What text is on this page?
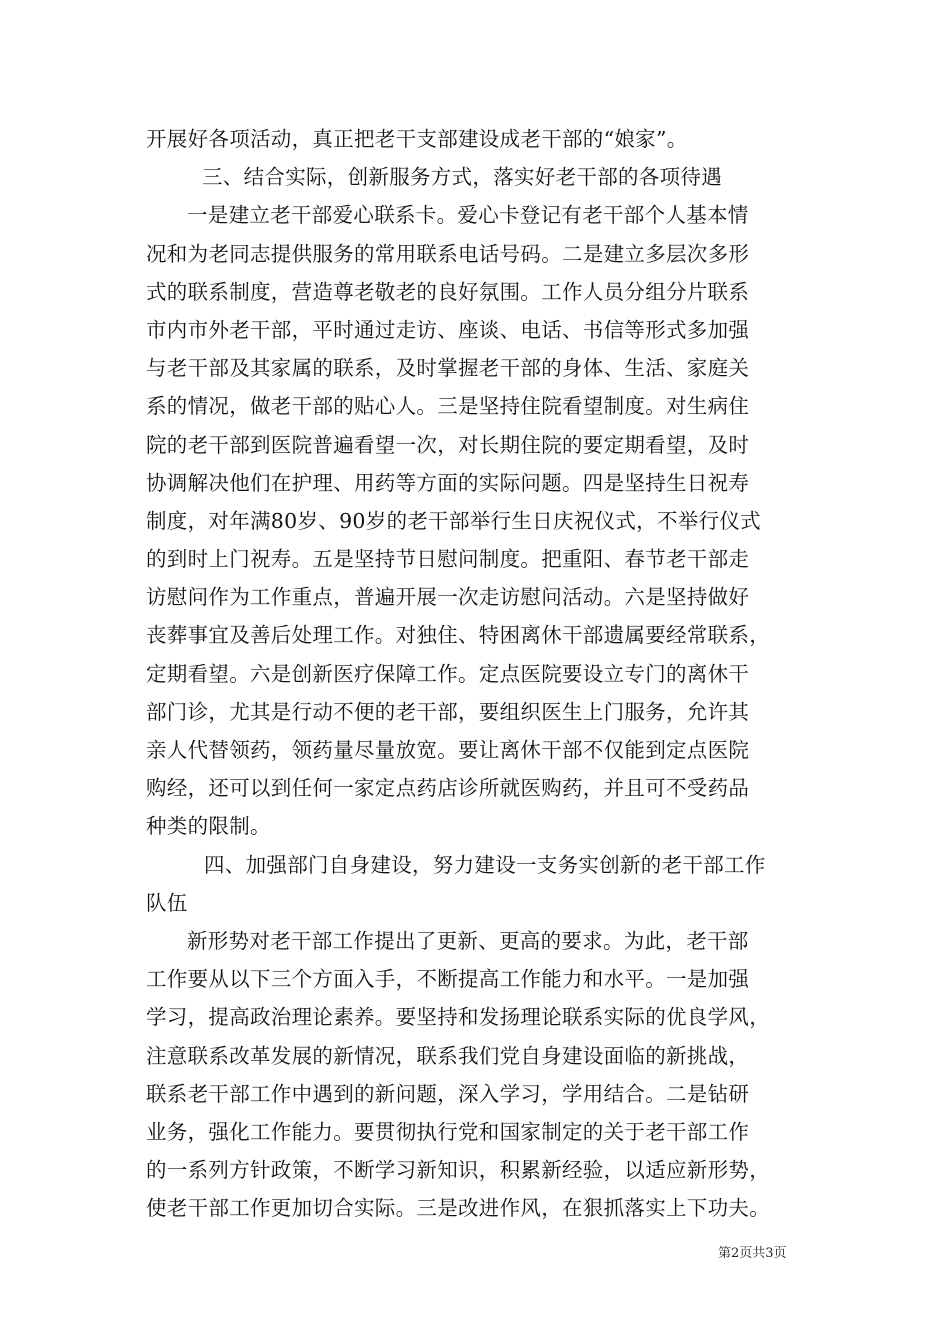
开展好各项活动，真正把老干支部建设成老干部的“娘家”。
三、结合实际，创新服务方式，落实好老干部的各项待遇
一是建立老干部爱心联系卡。爱心卡登记有老干部个人基本情
况和为老同志提供服务的常用联系电话号码。二是建立多层次多形
式的联系制度，营造尊老敬老的良好氛围。工作人员分组分片联系
市内市外老干部，平时通过走访、座谈、电话、书信等形式多加强
与老干部及其家属的联系，及时掌握老干部的身体、生活、家庭关
系的情况，做老干部的贴心人。三是坚持住院看望制度。对生病住
院的老干部到医院普遍看望一次，对长期住院的要定期看望，及时
协调解决他们在护理、用药等方面的实际问题。四是坚持生日祝寿
制度，对年满80岁、90岁的老干部举行生日庆祝仪式，不举行仪式
的到时上门祝寿。五是坚持节日慰问制度。把重阳、春节老干部走
访慰问作为工作重点，普遍开展一次走访慰问活动。六是坚持做好
丧葬事宜及善后处理工作。对独住、特困离休干部遗属要经常联系，
定期看望。六是创新医疗保障工作。定点医院要设立专门的离休干
部门诊，尤其是行动不便的老干部，要组织医生上门服务，允许其
亲人代替领药，领药量尽量放宽。要让离休干部不仅能到定点医院
购经，还可以到任何一家定点药店诊所就医购药，并且可不受药品
种类的限制。
四、加强部门自身建设，努力建设一支务实创新的老干部工作
队伍
新形势对老干部工作提出了更新、更高的要求。为此，老干部
工作要从以下三个方面入手，不断提高工作能力和水平。一是加强
学习，提高政治理论素养。要坚持和发扬理论联系实际的优良学风，
注意联系改革发展的新情况，联系我们党自身建设面临的新挑战，
联系老干部工作中遇到的新问题，深入学习，学用结合。二是钻研
业务，强化工作能力。要贯彻执行党和国家制定的关于老干部工作
的一系列方针政策，不断学习新知识，积累新经验，以适应新形势，
使老干部工作更加切合实际。三是改进作风，在狠抓落实上下功夫。
第2页共3页
